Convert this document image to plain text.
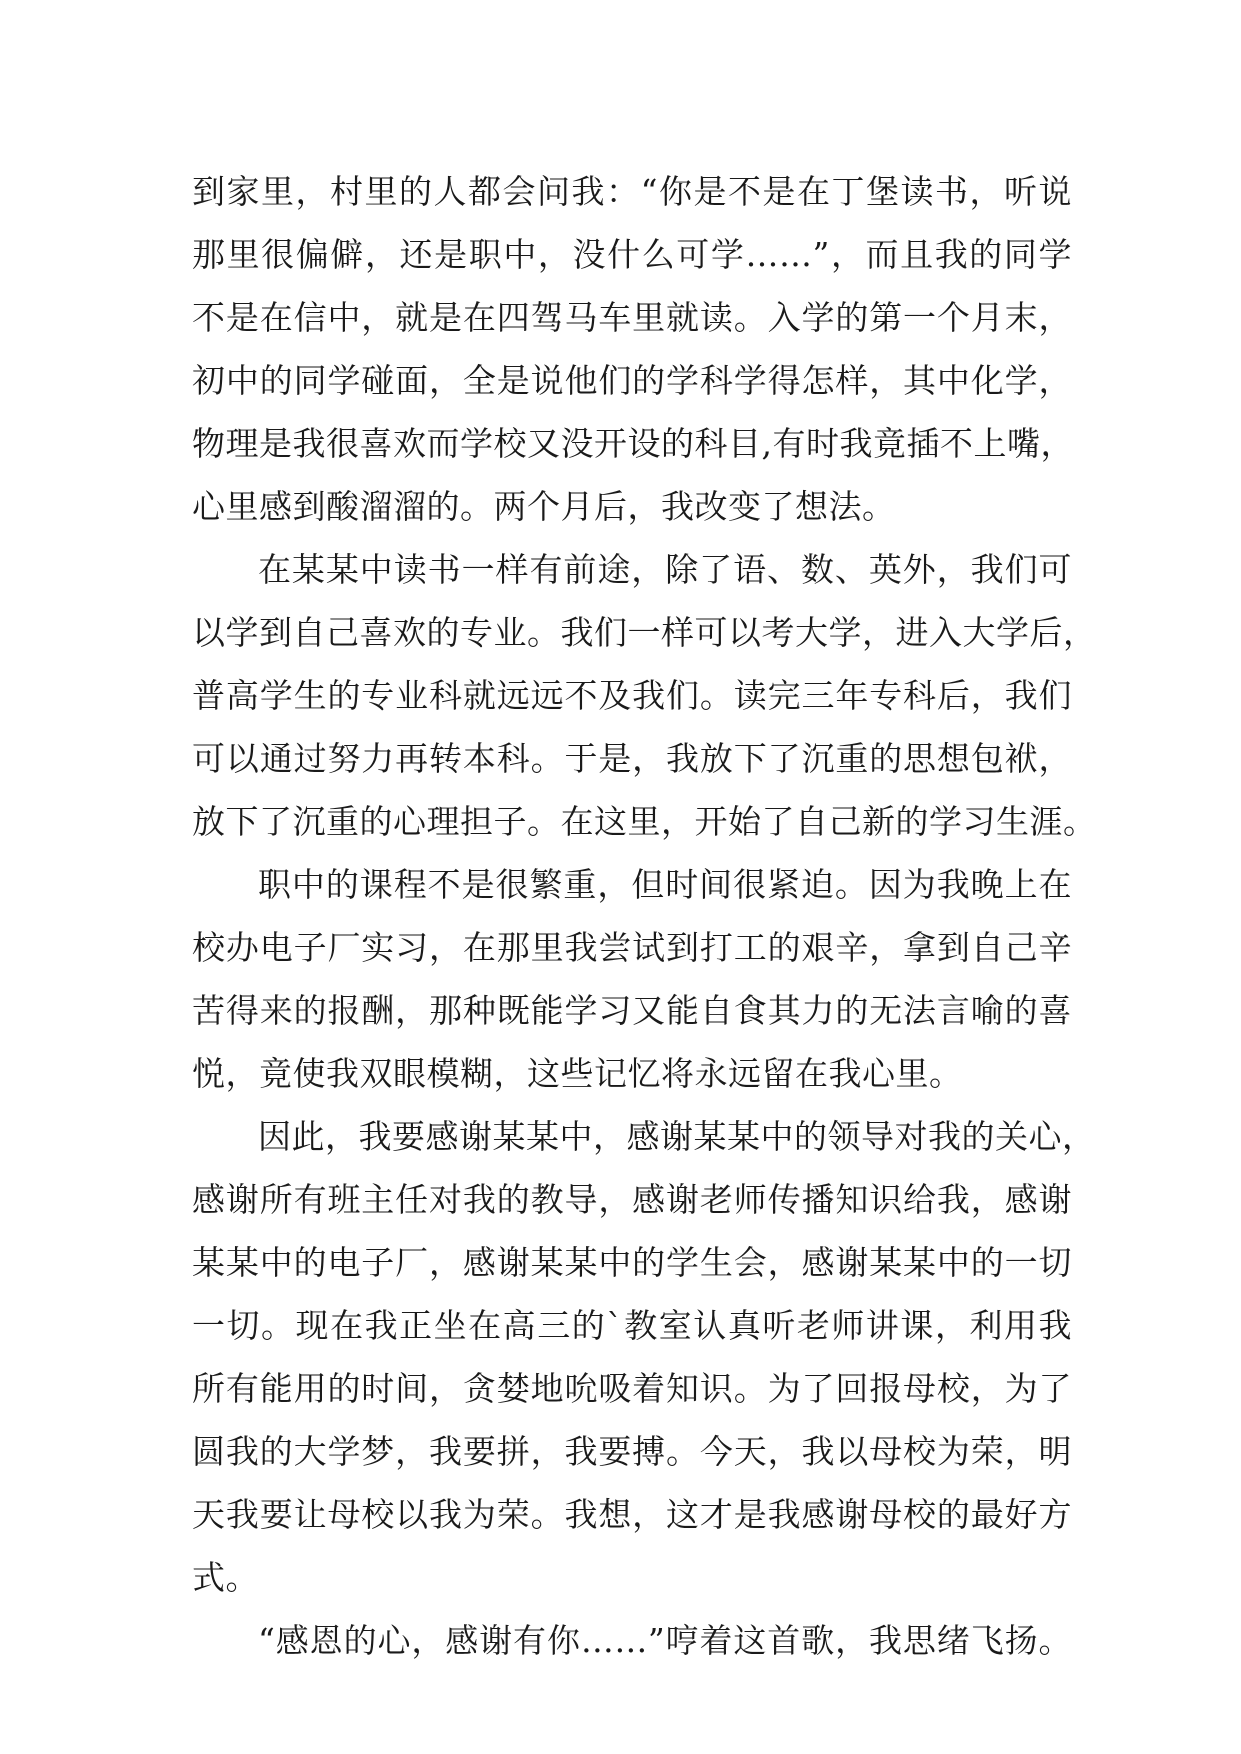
到家里，村里的人都会问我：“你是不是在丁堡读书，听说
那里很偏僻，还是职中，没什么可学……”，而且我的同学
不是在信中，就是在四驾马车里就读。入学的第一个月末，
初中的同学碰面，全是说他们的学科学得怎样，其中化学，
物理是我很喜欢而学校又没开设的科目,有时我竟插不上嘴，
心里感到酸溜溜的。两个月后，我改变了想法。
在某某中读书一样有前途，除了语、数、英外，我们可
以学到自己喜欢的专业。我们一样可以考大学，进入大学后，
普高学生的专业科就远远不及我们。读完三年专科后，我们
可以通过努力再转本科。于是，我放下了沉重的思想包袱，
放下了沉重的心理担子。在这里，开始了自己新的学习生涯。
职中的课程不是很繁重，但时间很紧迫。因为我晚上在
校办电子厂实习，在那里我尝试到打工的艰辛，拿到自己辛
苦得来的报酬，那种既能学习又能自食其力的无法言喻的喜
悦，竟使我双眼模糊，这些记忆将永远留在我心里。
因此，我要感谢某某中，感谢某某中的领导对我的关心，
感谢所有班主任对我的教导，感谢老师传播知识给我，感谢
某某中的电子厂，感谢某某中的学生会，感谢某某中的一切
一切。现在我正坐在高三的`教室认真听老师讲课，利用我
所有能用的时间，贪婪地吮吸着知识。为了回报母校，为了
圆我的大学梦，我要拼，我要搏。今天，我以母校为荣，明
天我要让母校以我为荣。我想，这才是我感谢母校的最好方
式。
“感恩的心，感谢有你……”哼着这首歌，我思绪飞扬。
